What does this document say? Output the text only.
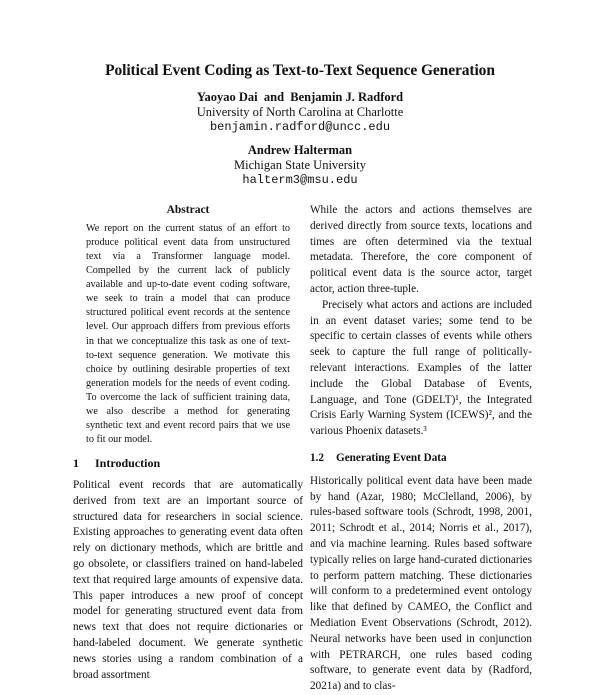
Political Event Coding as Text-to-Text Sequence Generation
Yaoyao Dai  and  Benjamin J. Radford
University of North Carolina at Charlotte
benjamin.radford@uncc.edu
Andrew Halterman
Michigan State University
halterm3@msu.edu
Abstract

We report on the current status of an effort to produce political event data from unstructured text via a Transformer language model. Compelled by the current lack of publicly available and up-to-date event coding software, we seek to train a model that can produce structured political event records at the sentence level. Our approach differs from previous efforts in that we conceptualize this task as one of text-to-text sequence generation. We motivate this choice by outlining desirable properties of text generation models for the needs of event coding. To overcome the lack of sufficient training data, we also describe a method for generating synthetic text and event record pairs that we use to fit our model.

1 Introduction

Political event records that are automatically derived from text are an important source of structured data for researchers in social science. Existing approaches to generating event data often rely on dictionary methods, which are brittle and go obsolete, or classifiers trained on hand-labeled text that required large amounts of expensive data. This paper introduces a new proof of concept model for generating structured event data from news text that does not require dictionaries or hand-labeled document. We generate synthetic news stories using a random combination of a broad assortment

While the actors and actions themselves are derived directly from source texts, locations and times are often determined via the textual metadata. Therefore, the core component of political event data is the source actor, target actor, action three-tuple.

Precisely what actors and actions are included in an event dataset varies; some tend to be specific to certain classes of events while others seek to capture the full range of politically-relevant interactions. Examples of the latter include the Global Database of Events, Language, and Tone (GDELT)¹, the Integrated Crisis Early Warning System (ICEWS)², and the various Phoenix datasets.³

1.2 Generating Event Data

Historically political event data have been made by hand (Azar, 1980; McClelland, 2006), by rules-based software tools (Schrodt, 1998, 2001, 2011; Schrodt et al., 2014; Norris et al., 2017), and via machine learning. Rules based software typically relies on large hand-curated dictionaries to perform pattern matching. These dictionaries will conform to a predetermined event ontology like that defined by CAMEO, the Conflict and Mediation Event Observations (Schrodt, 2012). Neural networks have been used in conjunction with PETRARCH, one rules based coding software, to generate event data by (Radford, 2021a) and to clas-
